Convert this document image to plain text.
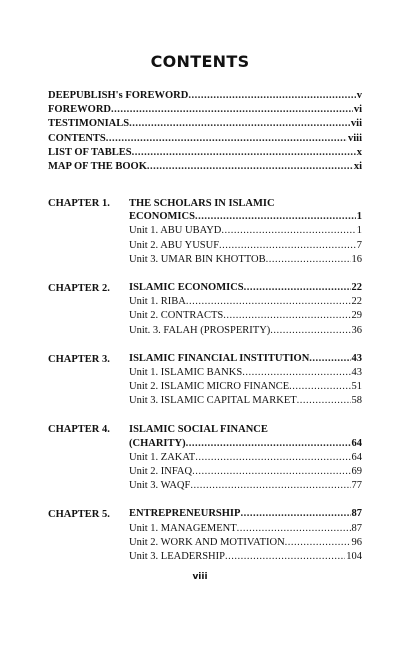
CONTENTS
DEEPUBLISH's FOREWORD .....	v
FOREWORD .....	vi
TESTIMONIALS .....	vii
CONTENTS .....	viii
LIST OF TABLES .....	x
MAP OF THE BOOK .....	xi
CHAPTER 1.	THE SCHOLARS IN ISLAMIC
ECONOMICS .....	1
Unit 1. ABU UBAYD .....	1
Unit 2. ABU YUSUF .....	7
Unit 3. UMAR BIN KHOTTOB .....	16
CHAPTER 2.	ISLAMIC ECONOMICS .....	22
Unit 1. RIBA .....	22
Unit 2. CONTRACTS .....	29
Unit. 3. FALAH (PROSPERITY) .....	36
CHAPTER 3.	ISLAMIC FINANCIAL INSTITUTION .....	43
Unit 1. ISLAMIC BANKS .....	43
Unit 2. ISLAMIC MICRO FINANCE .....	51
Unit 3. ISLAMIC CAPITAL MARKET .....	58
CHAPTER 4.	ISLAMIC SOCIAL FINANCE
(CHARITY) .....	64
Unit 1. ZAKAT .....	64
Unit 2. INFAQ .....	69
Unit 3. WAQF .....	77
CHAPTER 5.	ENTREPRENEURSHIP .....	87
Unit 1. MANAGEMENT .....	87
Unit 2. WORK AND MOTIVATION .....	96
Unit 3. LEADERSHIP .....	104
viii
